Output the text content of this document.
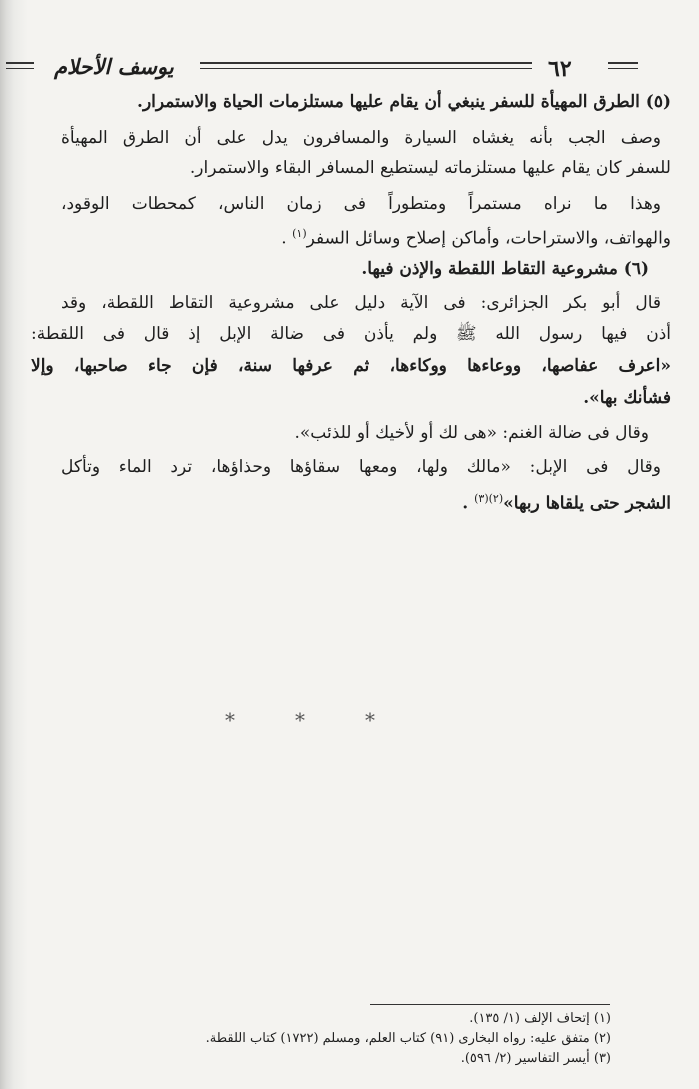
٦٢
يوسف الأحلام
(٥) الطرق المهيأة للسفر ينبغي أن يقام عليها مستلزمات الحياة والاستمرار.
وصف الجب بأنه يغشاه السيارة والمسافرون يدل على أن الطرق المهيأة
للسفر كان يقام عليها مستلزماته ليستطيع المسافر البقاء والاستمرار.
وهذا ما نراه مستمراً ومتطوراً فى زمان الناس، كمحطات الوقود،
والهواتف، والاستراحات، وأماكن إصلاح وسائل السفر$^{(١)}$ .
(٦) مشروعية التقاط اللقطة والإذن فيها.
قال أبو بكر الجزائرى: فى الآية دليل على مشروعية التقاط اللقطة، وقد
أذن فيها رسول الله ﷺ ولم يأذن فى ضالة الإبل إذ قال فى اللقطة:
«اعرف عفاصها، ووعاءها ووكاءها، ثم عرفها سنة، فإن جاء صاحبها، وإلا
فشأنك بها».
وقال فى ضالة الغنم: «هى لك أو لأخيك أو للذئب».
وقال فى الإبل: «مالك ولها، ومعها سقاؤها وحذاؤها، ترد الماء وتأكل
الشجر حتى يلقاها ربها»$^{(٢)(٣)}$ .
*	*	*
(١) إتحاف الإلف (١/ ١٣٥).
(٢) متفق عليه: رواه البخارى (٩١) كتاب العلم، ومسلم (١٧٢٢) كتاب اللقطة.
(٣) أيسر التفاسير (٢/ ٥٩٦).
